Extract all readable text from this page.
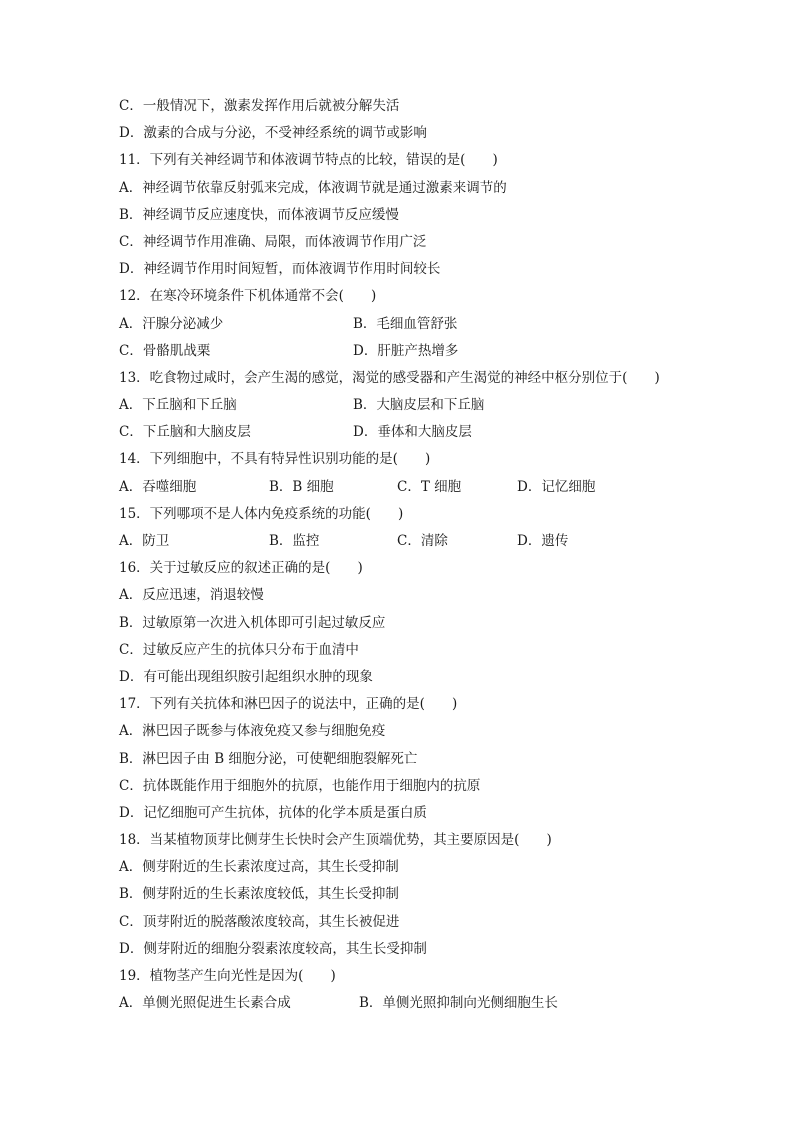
C．一般情况下，激素发挥作用后就被分解失活
D．激素的合成与分泌，不受神经系统的调节或影响
11．下列有关神经调节和体液调节特点的比较，错误的是(　　)
A．神经调节依靠反射弧来完成，体液调节就是通过激素来调节的
B．神经调节反应速度快，而体液调节反应缓慢
C．神经调节作用准确、局限，而体液调节作用广泛
D．神经调节作用时间短暂，而体液调节作用时间较长
12．在寒冷环境条件下机体通常不会(　　)
A．汗腺分泌减少	B．毛细血管舒张
C．骨骼肌战栗	D．肝脏产热增多
13．吃食物过咸时，会产生渴的感觉，渴觉的感受器和产生渴觉的神经中枢分别位于(　　)
A．下丘脑和下丘脑	B．大脑皮层和下丘脑
C．下丘脑和大脑皮层	D．垂体和大脑皮层
14．下列细胞中，不具有特异性识别功能的是(　　)
A．吞噬细胞	B．B 细胞	C．T 细胞	D．记忆细胞
15．下列哪项不是人体内免疫系统的功能(　　)
A．防卫	B．监控	C．清除	D．遗传
16．关于过敏反应的叙述正确的是(　　)
A．反应迅速，消退较慢
B．过敏原第一次进入机体即可引起过敏反应
C．过敏反应产生的抗体只分布于血清中
D．有可能出现组织胺引起组织水肿的现象
17．下列有关抗体和淋巴因子的说法中，正确的是(　　)
A．淋巴因子既参与体液免疫又参与细胞免疫
B．淋巴因子由 B 细胞分泌，可使靶细胞裂解死亡
C．抗体既能作用于细胞外的抗原，也能作用于细胞内的抗原
D．记忆细胞可产生抗体，抗体的化学本质是蛋白质
18．当某植物顶芽比侧芽生长快时会产生顶端优势，其主要原因是(　　)
A．侧芽附近的生长素浓度过高，其生长受抑制
B．侧芽附近的生长素浓度较低，其生长受抑制
C．顶芽附近的脱落酸浓度较高，其生长被促进
D．侧芽附近的细胞分裂素浓度较高，其生长受抑制
19．植物茎产生向光性是因为(　　)
A．单侧光照促进生长素合成	B．单侧光照抑制向光侧细胞生长
